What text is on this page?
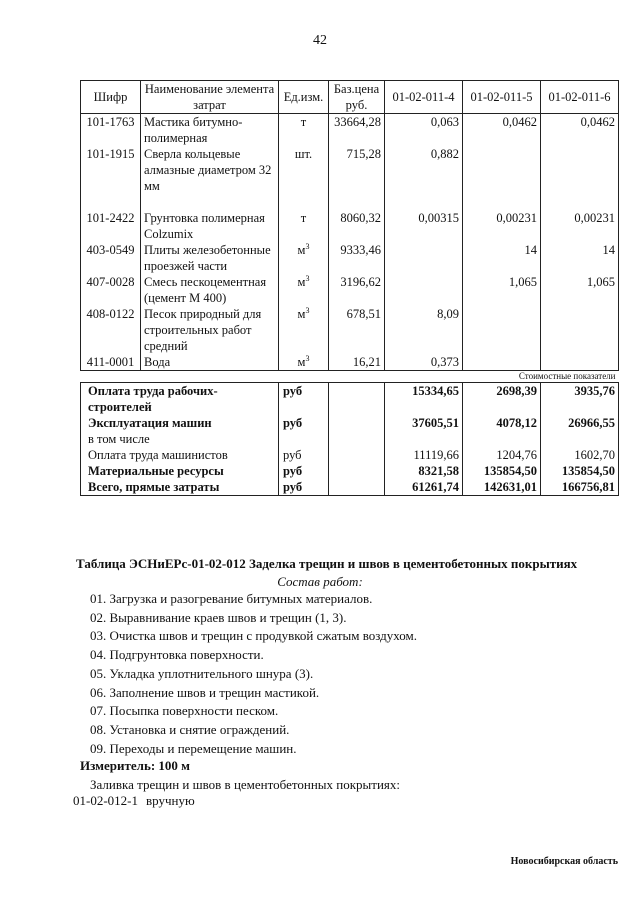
42
Шифр	Наименование элемента затрат	Ед.изм.	Баз.цена руб.	01-02-011-4	01-02-011-5	01-02-011-6
101-1763	Мастика битумно-полимерная	т	33664,28	0,063	0,0462	0,0462
101-1915	Сверла кольцевые алмазные диаметром 32 мм	шт.	715,28	0,882		
101-2422	Грунтовка полимерная Colzumix	т	8060,32	0,00315	0,00231	0,00231
403-0549	Плиты железобетонные проезжей части	$м^3$	9333,46		14	14
407-0028	Смесь пескоцементная (цемент М 400)	$м^3$	3196,62		1,065	1,065
408-0122	Песок природный для строительных работ средний	$м^3$	678,51	8,09		
411-0001	Вода	$м^3$	16,21	0,373		
Стоимостные показатели						
Оплата труда рабочих-строителей		руб		15334,65	2698,39	3935,76
Эксплуатация машин		руб		37605,51	4078,12	26966,55
в том числе						
Оплата труда машинистов		руб		11119,66	1204,76	1602,70
Материальные ресурсы		руб		8321,58	135854,50	135854,50
Всего, прямые затраты		руб		61261,74	142631,01	166756,81
Таблица ЭСНиЕРс-01-02-012 Заделка трещин и швов в цементобетонных покрытиях
Состав работ:
01. Загрузка и разогревание битумных материалов.
02. Выравнивание краев швов и трещин (1, 3).
03. Очистка швов и трещин с продувкой сжатым воздухом.
04. Подгрунтовка поверхности.
05. Укладка уплотнительного шнура (3).
06. Заполнение швов и трещин мастикой.
07. Посыпка поверхности песком.
08. Установка и снятие ограждений.
09. Переходы и перемещение машин.
Измеритель: 100 м
Заливка трещин и швов в цементобетонных покрытиях:
01-02-012-1 вручную
Новосибирская область
